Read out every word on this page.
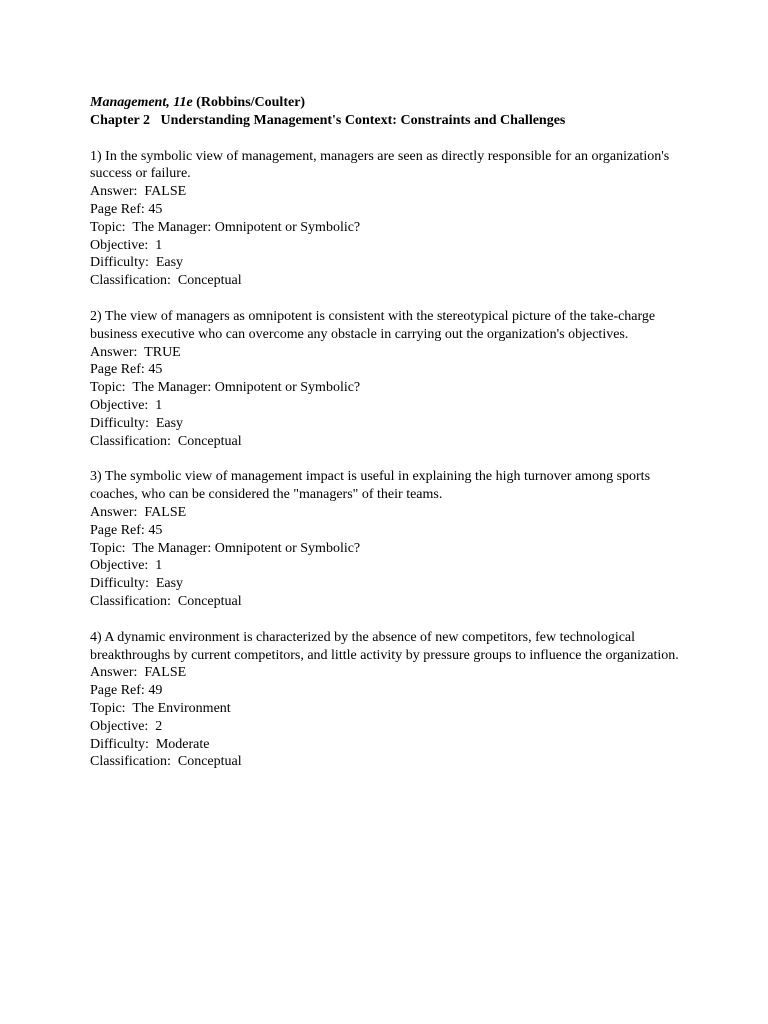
Management, 11e (Robbins/Coulter)
Chapter 2   Understanding Management's Context: Constraints and Challenges
1) In the symbolic view of management, managers are seen as directly responsible for an organization's success or failure.
Answer:  FALSE
Page Ref: 45
Topic:  The Manager: Omnipotent or Symbolic?
Objective:  1
Difficulty:  Easy
Classification:  Conceptual
2) The view of managers as omnipotent is consistent with the stereotypical picture of the take-charge business executive who can overcome any obstacle in carrying out the organization's objectives.
Answer:  TRUE
Page Ref: 45
Topic:  The Manager: Omnipotent or Symbolic?
Objective:  1
Difficulty:  Easy
Classification:  Conceptual
3) The symbolic view of management impact is useful in explaining the high turnover among sports coaches, who can be considered the "managers" of their teams.
Answer:  FALSE
Page Ref: 45
Topic:  The Manager: Omnipotent or Symbolic?
Objective:  1
Difficulty:  Easy
Classification:  Conceptual
4) A dynamic environment is characterized by the absence of new competitors, few technological breakthroughs by current competitors, and little activity by pressure groups to influence the organization.
Answer:  FALSE
Page Ref: 49
Topic:  The Environment
Objective:  2
Difficulty:  Moderate
Classification:  Conceptual
